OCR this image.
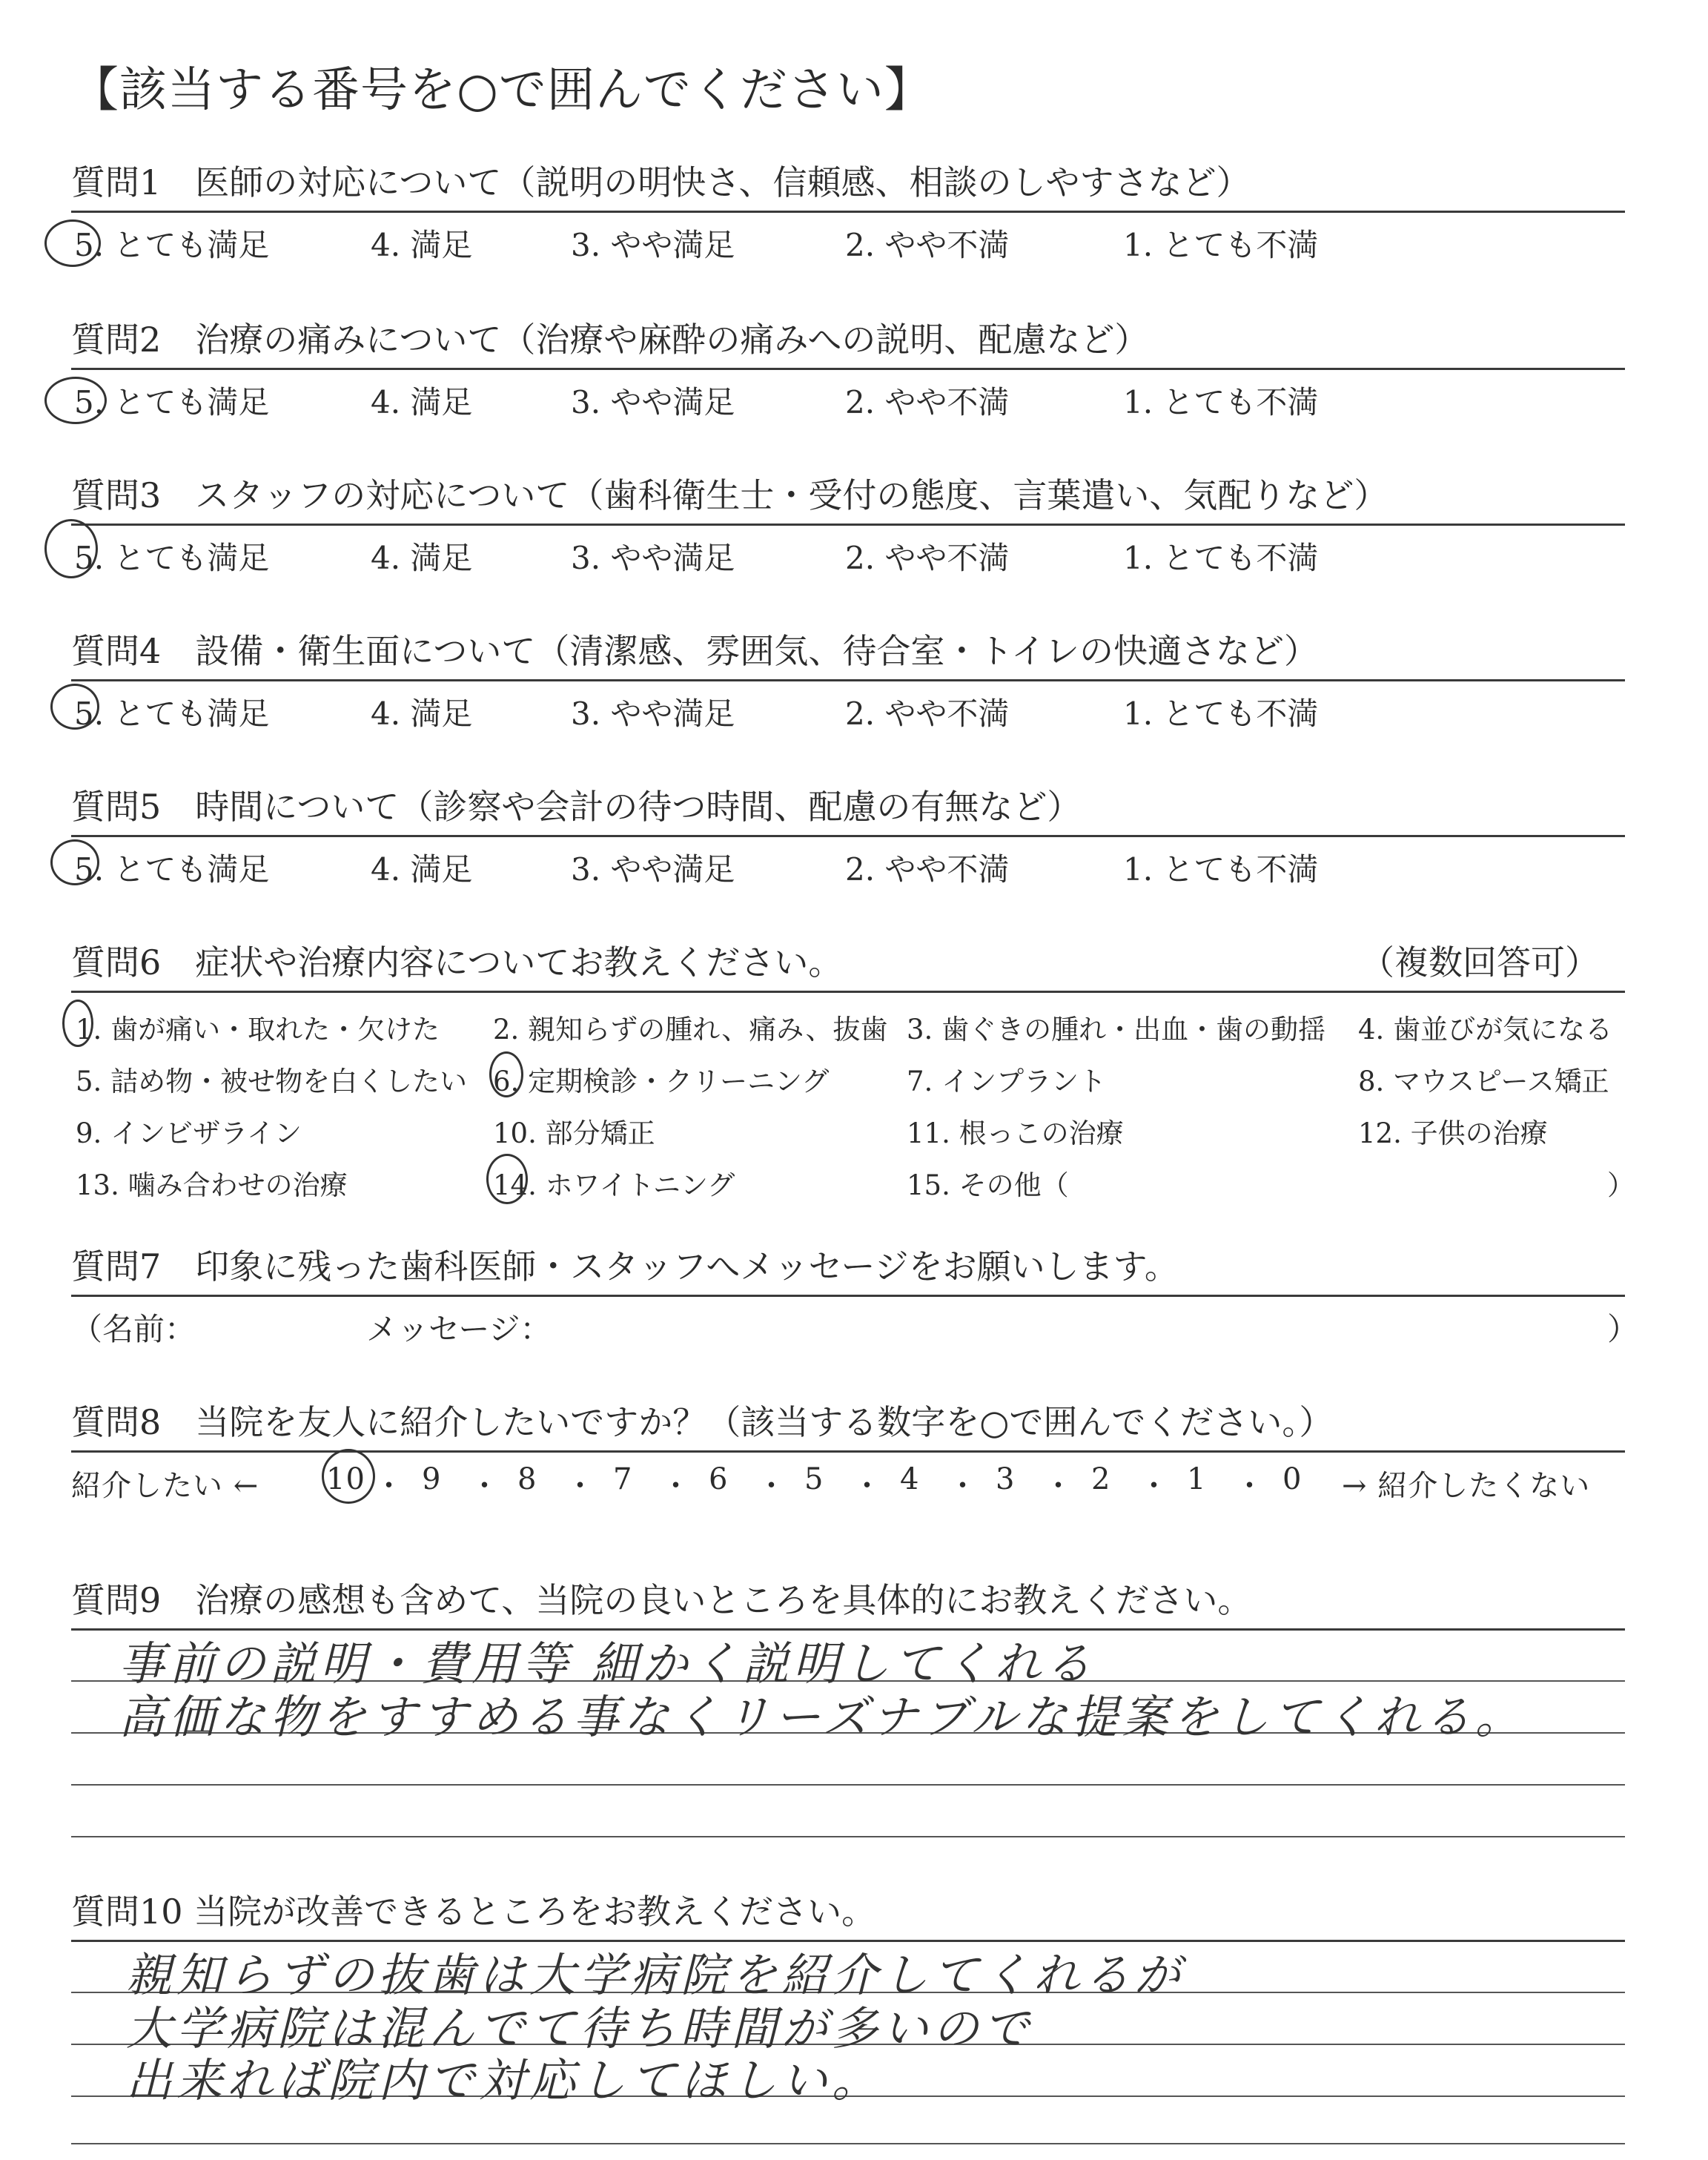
【該当する番号を○で囲んでください】
質問1　医師の対応について（説明の明快さ、信頼感、相談のしやすさなど）
5. とても満足	4. 満足	3. やや満足	2. やや不満	1. とても不満
質問2　治療の痛みについて（治療や麻酔の痛みへの説明、配慮など）
5. とても満足	4. 満足	3. やや満足	2. やや不満	1. とても不満
質問3　スタッフの対応について（歯科衛生士・受付の態度、言葉遣い、気配りなど）
5. とても満足	4. 満足	3. やや満足	2. やや不満	1. とても不満
質問4　設備・衛生面について（清潔感、雰囲気、待合室・トイレの快適さなど）
5. とても満足	4. 満足	3. やや満足	2. やや不満	1. とても不満
質問5　時間について（診察や会計の待つ時間、配慮の有無など）
5. とても満足	4. 満足	3. やや満足	2. やや不満	1. とても不満
質問6　症状や治療内容についてお教えください。	（複数回答可）
1. 歯が痛い・取れた・欠けた 2. 親知らずの腫れ、痛み、抜歯 3. 歯ぐきの腫れ・出血・歯の動揺 4. 歯並びが気になる
5. 詰め物・被せ物を白くしたい 6. 定期検診・クリーニング	7. インプラント	8. マウスピース矯正
9. インビザライン	10. 部分矯正	11. 根っこの治療	12. 子供の治療
13. 噛み合わせの治療	14. ホワイトニング	15. その他（	）
質問7　印象に残った歯科医師・スタッフへメッセージをお願いします。
（名前：	メッセージ：	）
質問8　当院を友人に紹介したいですか？（該当する数字を○で囲んでください。）
紹介したい ← 10 ・ 9 ・ 8 ・ 7 ・ 6 ・ 5 ・ 4 ・ 3 ・ 2 ・ 1 ・ 0 → 紹介したくない
質問9　治療の感想も含めて、当院の良いところを具体的にお教えください。
事前の説明・費用等 細かく説明してくれる
高価な物をすすめる事なくリーズナブルな提案をしてくれる。
質問10 当院が改善できるところをお教えください。
親知らずの抜歯は大学病院を紹介してくれるが
大学病院は混んでて待ち時間が多いので
出来れば院内で対応してほしい。
